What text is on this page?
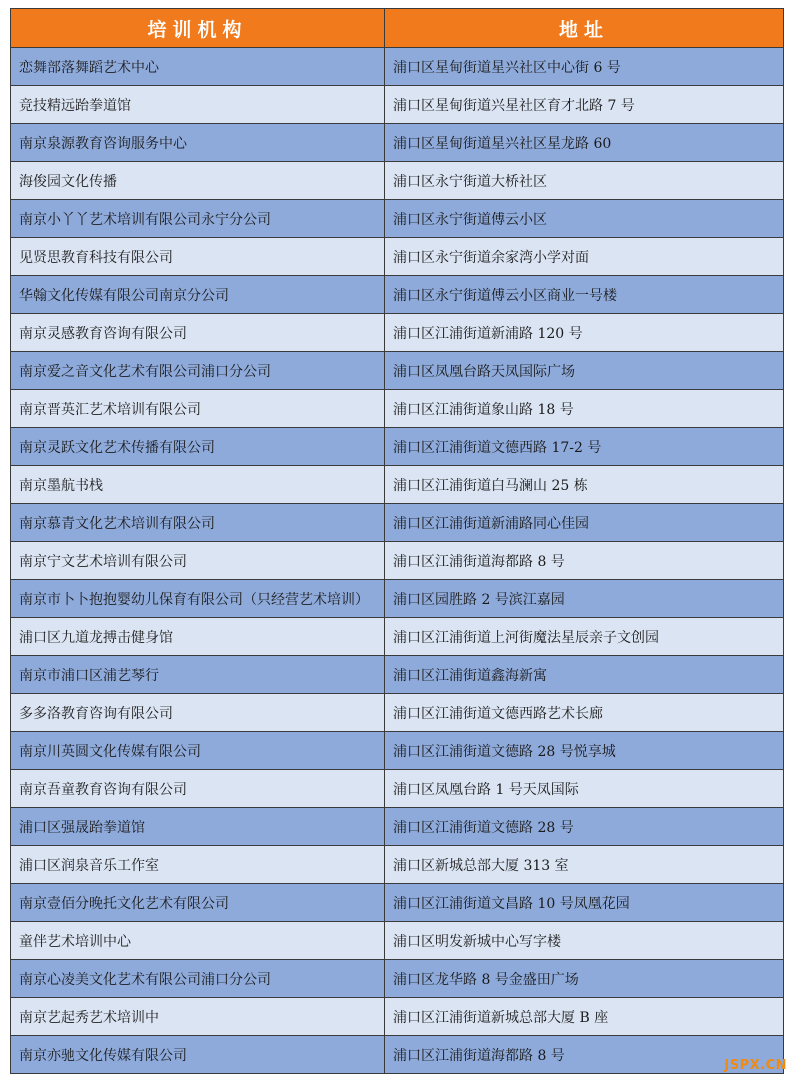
培训机构	地址
恋舞部落舞蹈艺术中心	浦口区星甸街道星兴社区中心街 6 号
竞技精远跆拳道馆	浦口区星甸街道兴星社区育才北路 7 号
南京泉源教育咨询服务中心	浦口区星甸街道星兴社区星龙路 60
海俊园文化传播	浦口区永宁街道大桥社区
南京小丫丫艺术培训有限公司永宁分公司	浦口区永宁街道傅云小区
见贤思教育科技有限公司	浦口区永宁街道余家湾小学对面
华翰文化传媒有限公司南京分公司	浦口区永宁街道傅云小区商业一号楼
南京灵感教育咨询有限公司	浦口区江浦街道新浦路 120 号
南京爱之音文化艺术有限公司浦口分公司	浦口区凤凰台路天凤国际广场
南京晋英汇艺术培训有限公司	浦口区江浦街道象山路 18 号
南京灵跃文化艺术传播有限公司	浦口区江浦街道文德西路 17-2 号
南京墨航书栈	浦口区江浦街道白马澜山 25 栋
南京慕青文化艺术培训有限公司	浦口区江浦街道新浦路同心佳园
南京宁文艺术培训有限公司	浦口区江浦街道海都路 8 号
南京市卜卜抱抱婴幼儿保育有限公司（只经营艺术培训）	浦口区园胜路 2 号滨江嘉园
浦口区九道龙搏击健身馆	浦口区江浦街道上河街魔法星辰亲子文创园
南京市浦口区浦艺琴行	浦口区江浦街道鑫海新寓
多多洛教育咨询有限公司	浦口区江浦街道文德西路艺术长廊
南京川英圆文化传媒有限公司	浦口区江浦街道文德路 28 号悦享城
南京吾童教育咨询有限公司	浦口区凤凰台路 1 号天凤国际
浦口区强晟跆拳道馆	浦口区江浦街道文德路 28 号
浦口区润泉音乐工作室	浦口区新城总部大厦 313 室
南京壹佰分晚托文化艺术有限公司	浦口区江浦街道文昌路 10 号凤凰花园
童伴艺术培训中心	浦口区明发新城中心写字楼
南京心凌美文化艺术有限公司浦口分公司	浦口区龙华路 8 号金盛田广场
南京艺起秀艺术培训中	浦口区江浦街道新城总部大厦 B 座
南京亦驰文化传媒有限公司	浦口区江浦街道海都路 8 号
JSPX.CN
